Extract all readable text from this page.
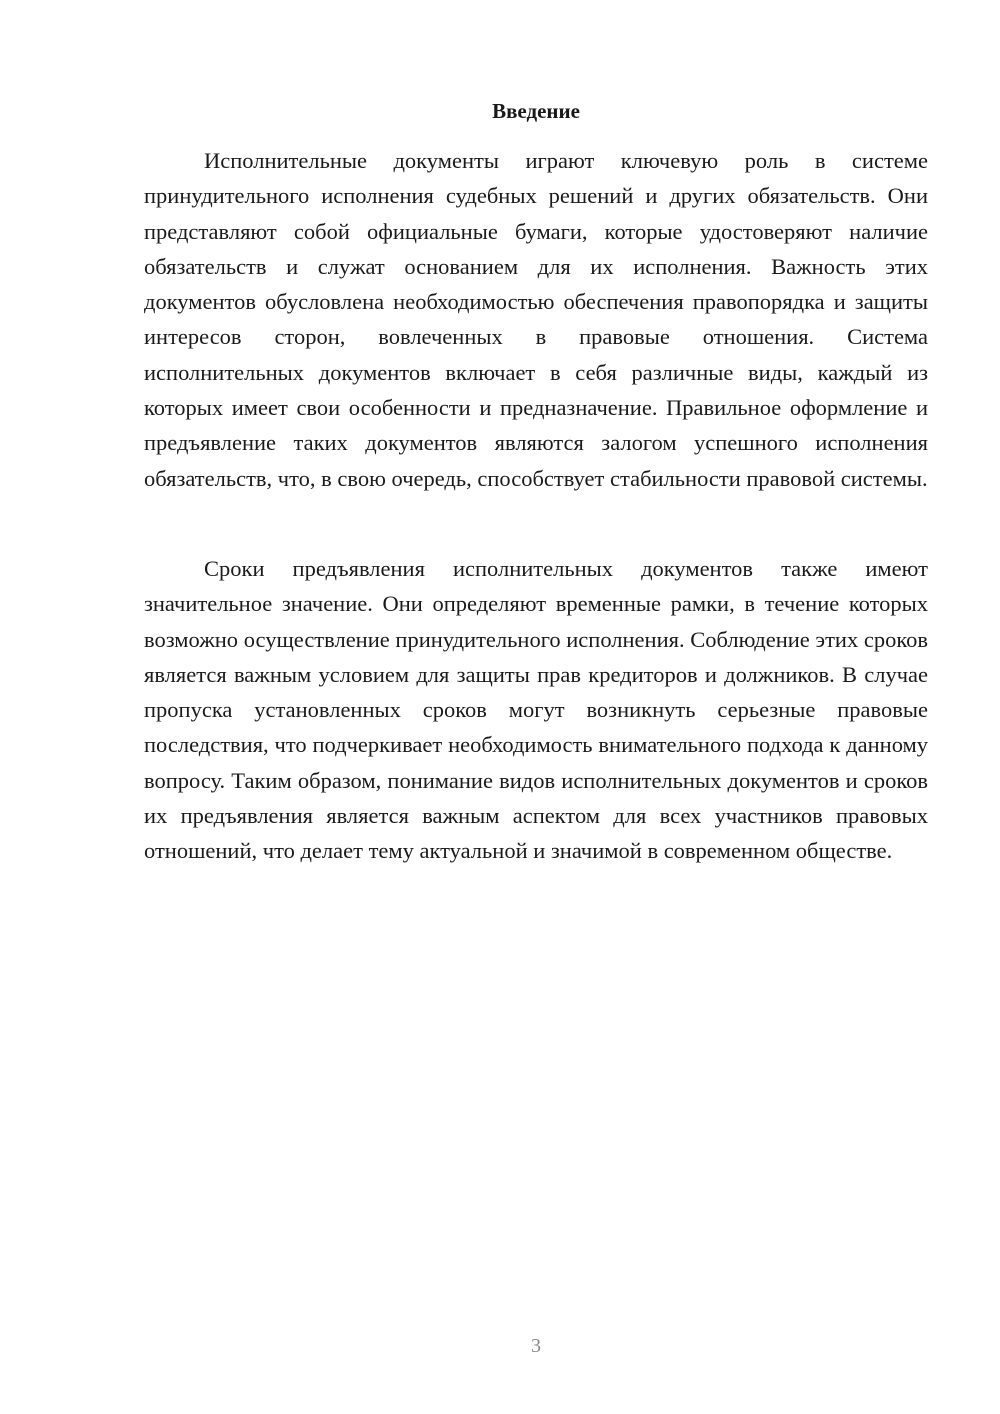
Введение

Исполнительные документы играют ключевую роль в системе принудительного исполнения судебных решений и других обязательств. Они представляют собой официальные бумаги, которые удостоверяют наличие обязательств и служат основанием для их исполнения. Важность этих документов обусловлена необходимостью обеспечения правопорядка и защиты интересов сторон, вовлеченных в правовые отношения. Система исполнительных документов включает в себя различные виды, каждый из которых имеет свои особенности и предназначение. Правильное оформление и предъявление таких документов являются залогом успешного исполнения обязательств, что, в свою очередь, способствует стабильности правовой системы.

Сроки предъявления исполнительных документов также имеют значительное значение. Они определяют временные рамки, в течение которых возможно осуществление принудительного исполнения. Соблюдение этих сроков является важным условием для защиты прав кредиторов и должников. В случае пропуска установленных сроков могут возникнуть серьезные правовые последствия, что подчеркивает необходимость внимательного подхода к данному вопросу. Таким образом, понимание видов исполнительных документов и сроков их предъявления является важным аспектом для всех участников правовых отношений, что делает тему актуальной и значимой в современном обществе.

3
